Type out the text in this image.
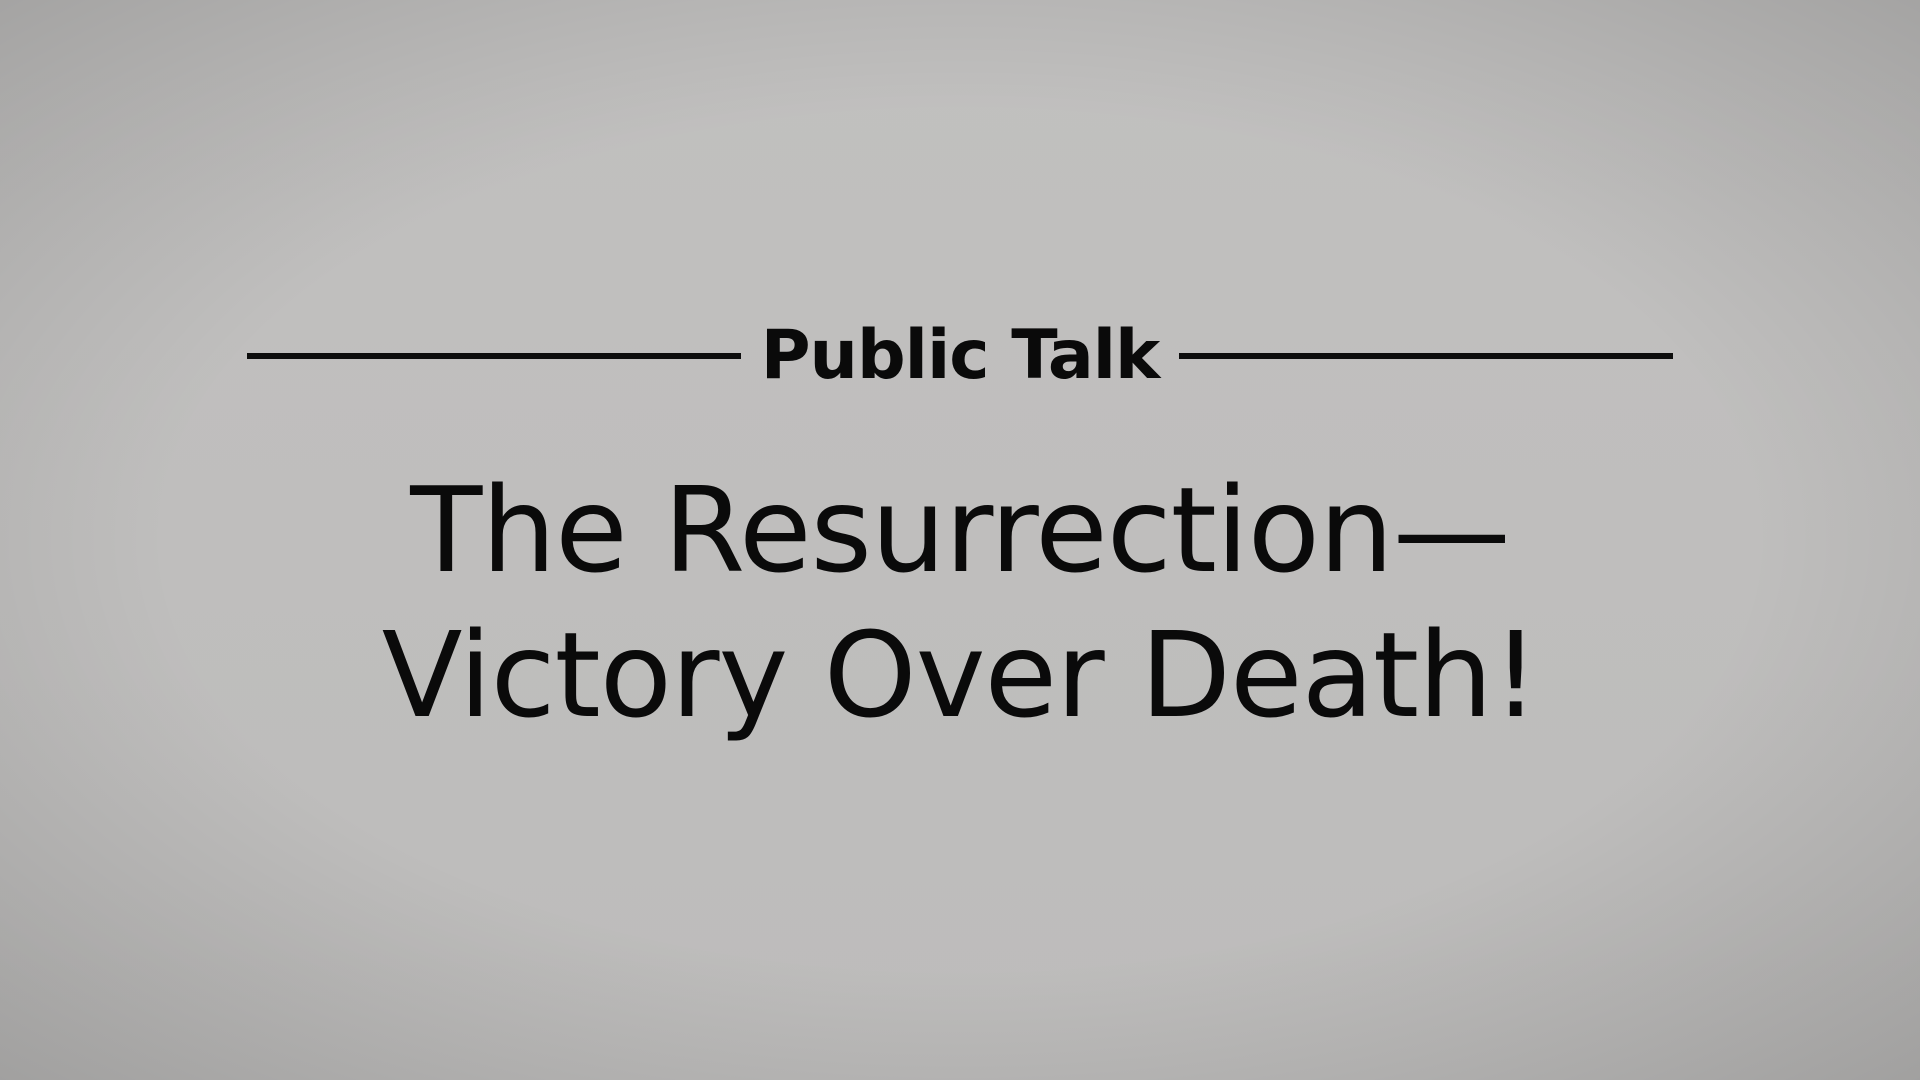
Public Talk
The Resurrection—
Victory Over Death!
